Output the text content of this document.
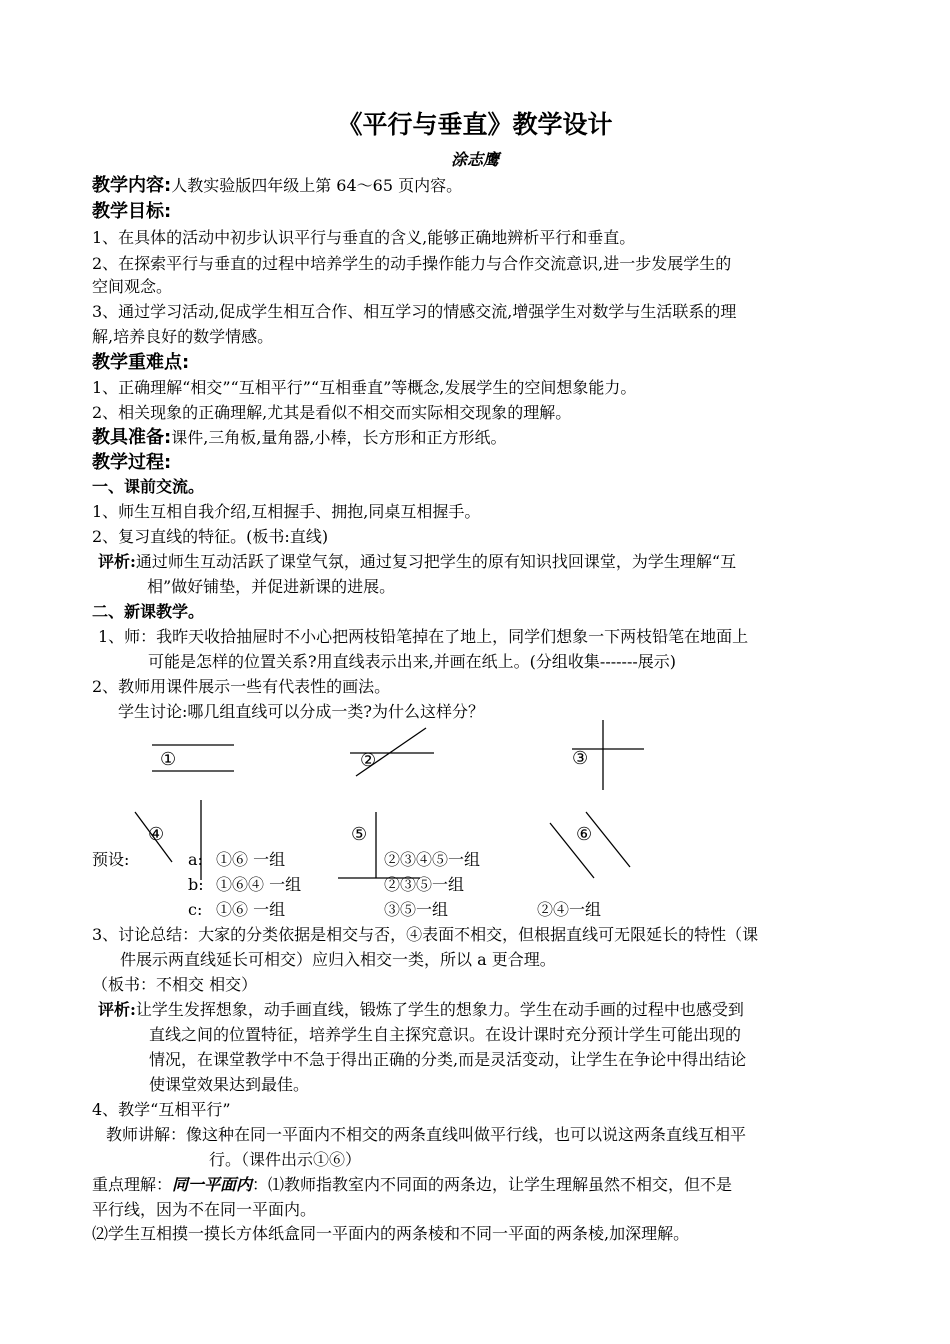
《平行与垂直》教学设计
涂志鹰
教学内容:人教实验版四年级上第 64～65 页内容。
教学目标:
1、在具体的活动中初步认识平行与垂直的含义,能够正确地辨析平行和垂直。
2、在探索平行与垂直的过程中培养学生的动手操作能力与合作交流意识,进一步发展学生的
空间观念。
3、通过学习活动,促成学生相互合作、相互学习的情感交流,增强学生对数学与生活联系的理
解,培养良好的数学情感。
教学重难点:
1、正确理解“相交”“互相平行”“互相垂直”等概念,发展学生的空间想象能力。
2、相关现象的正确理解,尤其是看似不相交而实际相交现象的理解。
教具准备:课件,三角板,量角器,小棒，长方形和正方形纸。
教学过程:
一、课前交流。
1、师生互相自我介绍,互相握手、拥抱,同桌互相握手。
2、复习直线的特征。(板书:直线)
评析:通过师生互动活跃了课堂气氛，通过复习把学生的原有知识找回课堂，为学生理解“互
相”做好铺垫，并促进新课的进展。
二、新课教学。
1、师：我昨天收拾抽屉时不小心把两枝铅笔掉在了地上，同学们想象一下两枝铅笔在地面上
可能是怎样的位置关系?用直线表示出来,并画在纸上。(分组收集-------展示)
2、教师用课件展示一些有代表性的画法。
学生讨论:哪几组直线可以分成一类?为什么这样分？
①	②	③
④	⑤	⑥
预设:	a: ①⑥ 一组	②③④⑤一组
b: ①⑥④ 一组	②③⑤一组
c: ①⑥ 一组	③⑤一组	②④一组
3、讨论总结：大家的分类依据是相交与否，④表面不相交，但根据直线可无限延长的特性（课
件展示两直线延长可相交）应归入相交一类，所以 a 更合理。
（板书：不相交 相交）
评析:让学生发挥想象，动手画直线，锻炼了学生的想象力。学生在动手画的过程中也感受到
直线之间的位置特征，培养学生自主探究意识。在设计课时充分预计学生可能出现的
情况，在课堂教学中不急于得出正确的分类,而是灵活变动，让学生在争论中得出结论
使课堂效果达到最佳。
4、教学“互相平行”
教师讲解：像这种在同一平面内不相交的两条直线叫做平行线，也可以说这两条直线互相平
行。（课件出示①⑥）
重点理解：同一平面内：⑴教师指教室内不同面的两条边，让学生理解虽然不相交，但不是
平行线，因为不在同一平面内。
⑵学生互相摸一摸长方体纸盒同一平面内的两条棱和不同一平面的两条棱,加深理解。
